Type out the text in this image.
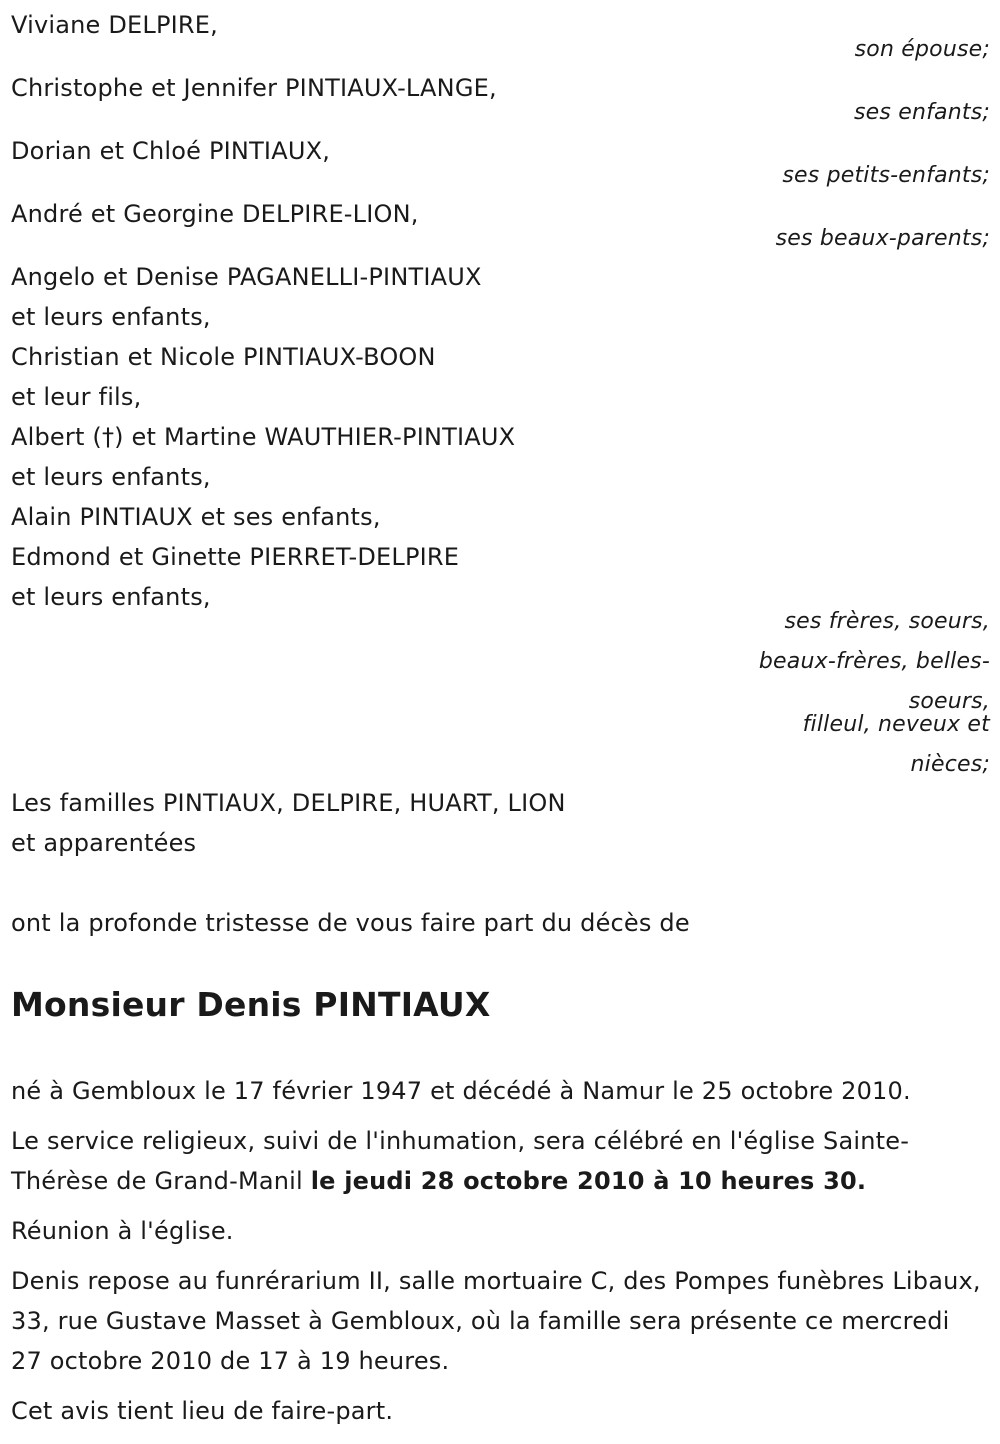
Viviane DELPIRE,
son épouse;
Christophe et Jennifer PINTIAUX-LANGE,
ses enfants;
Dorian et Chloé PINTIAUX,
ses petits-enfants;
André et Georgine DELPIRE-LION,
ses beaux-parents;
Angelo et Denise PAGANELLI-PINTIAUX
et leurs enfants,
Christian et Nicole PINTIAUX-BOON
et leur fils,
Albert (†) et Martine WAUTHIER-PINTIAUX
et leurs enfants,
Alain PINTIAUX et ses enfants,
Edmond et Ginette PIERRET-DELPIRE
et leurs enfants,
ses frères, soeurs,
beaux-frères, belles-
soeurs,
filleul, neveux et
nièces;
Les familles PINTIAUX, DELPIRE, HUART, LION
et apparentées
ont la profonde tristesse de vous faire part du décès de
Monsieur Denis PINTIAUX
né à Gembloux le 17 février 1947 et décédé à Namur le 25 octobre 2010.
Le service religieux, suivi de l'inhumation, sera célébré en l'église Sainte-Thérèse de Grand-Manil le jeudi 28 octobre 2010 à 10 heures 30.
Réunion à l'église.
Denis repose au funrérarium II, salle mortuaire C, des Pompes funèbres Libaux, 33, rue Gustave Masset à Gembloux, où la famille sera présente ce mercredi 27 octobre 2010 de 17 à 19 heures.
Cet avis tient lieu de faire-part.
